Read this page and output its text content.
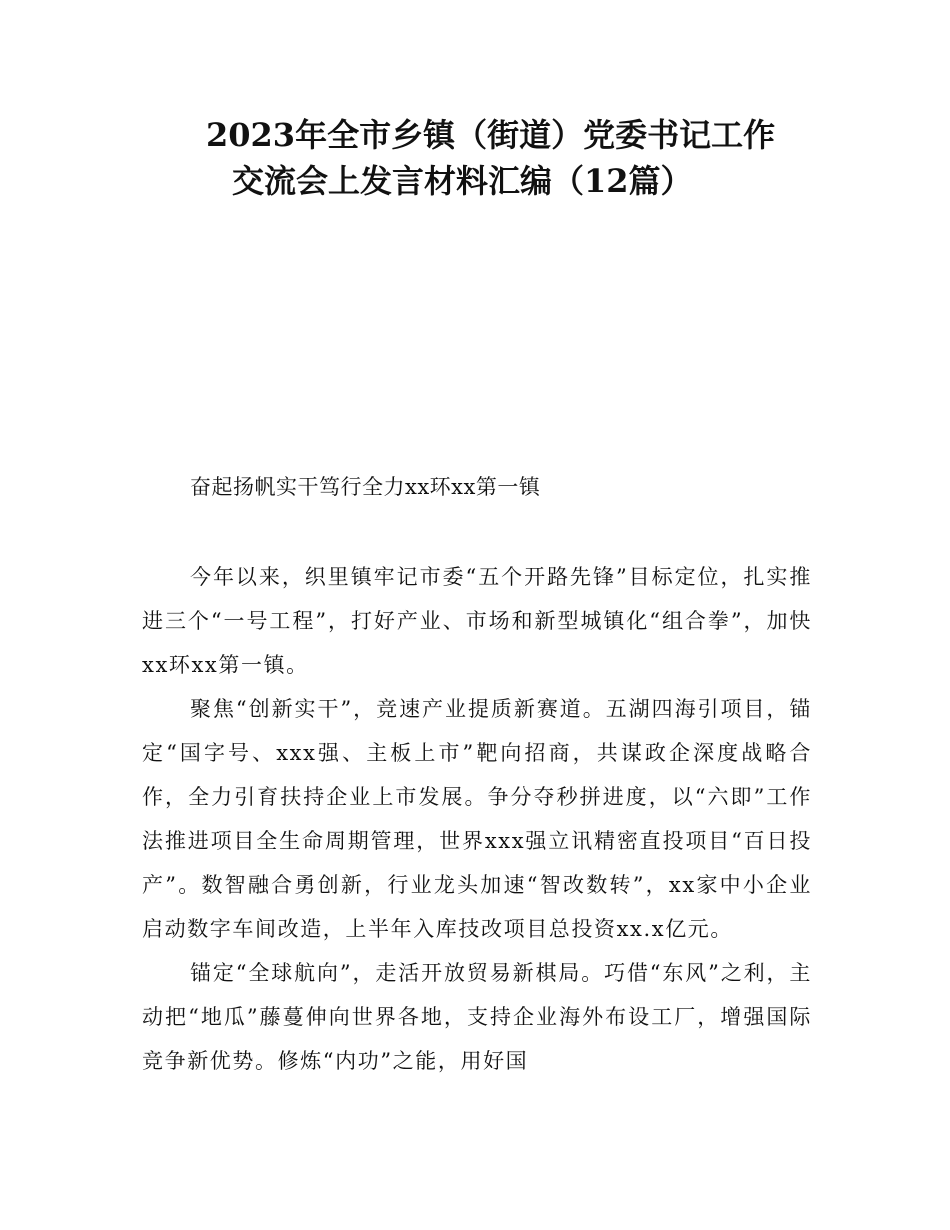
2023年全市乡镇（街道）党委书记工作
交流会上发言材料汇编（12篇）
奋起扬帆实干笃行全力xx环xx第一镇

今年以来，织里镇牢记市委“五个开路先锋”目标定位，扎实推进三个“一号工程”，打好产业、市场和新型城镇化“组合拳”，加快xx环xx第一镇。

聚焦“创新实干”，竞速产业提质新赛道。五湖四海引项目，锚定“国字号、xxx强、主板上市”靶向招商，共谋政企深度战略合作，全力引育扶持企业上市发展。争分夺秒拼进度，以“六即”工作法推进项目全生命周期管理，世界xxx强立讯精密直投项目“百日投产”。数智融合勇创新，行业龙头加速“智改数转”，xx家中小企业启动数字车间改造，上半年入库技改项目总投资xx.x亿元。

锚定“全球航向”，走活开放贸易新棋局。巧借“东风”之利，主动把“地瓜”藤蔓伸向世界各地，支持企业海外布设工厂，增强国际竞争新优势。修炼“内功”之能，用好国
